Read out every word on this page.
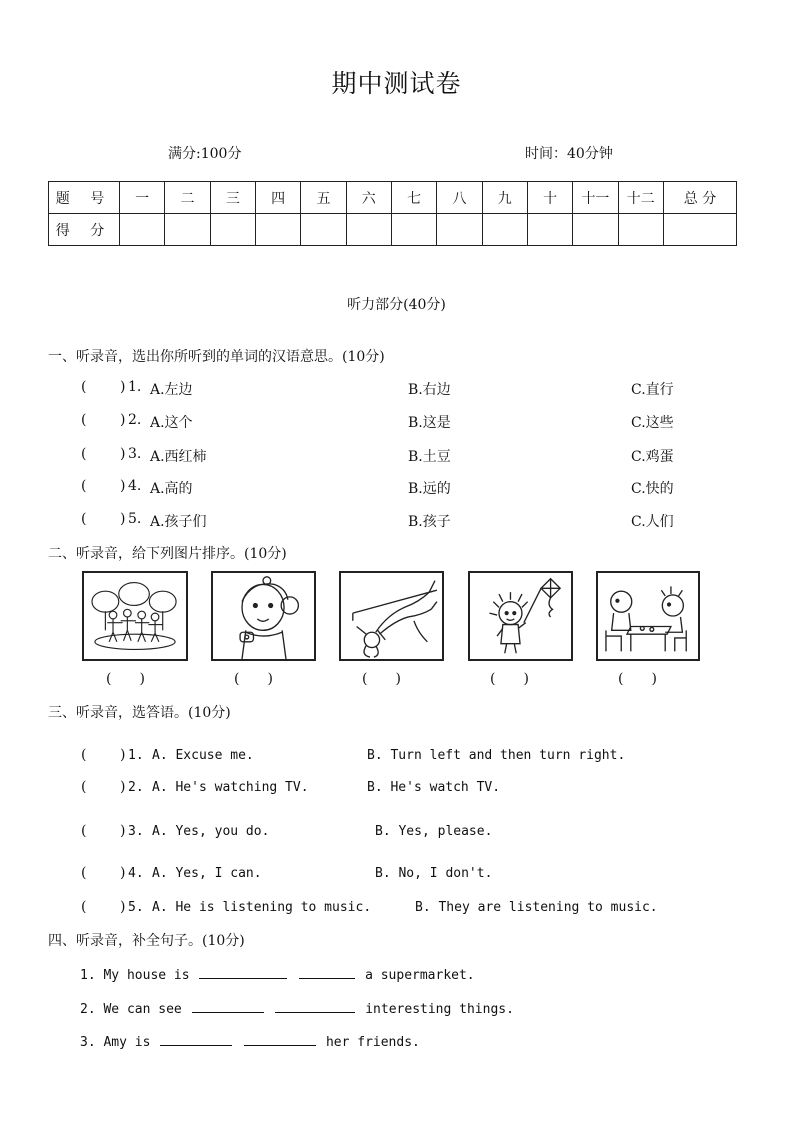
期中测试卷
满分:100分	时间：40分钟
题 号	一	二	三	四	五	六	七	八	九	十	十一	十二	总 分
得 分													
听力部分(40分)
一、听录音，选出你所听到的单词的汉语意思。(10分)
( ) 1. A.左边	B.右边	C.直行
( ) 2. A.这个	B.这是	C.这些
( ) 3. A.西红柿	B.土豆	C.鸡蛋
( ) 4. A.高的	B.远的	C.快的
( ) 5. A.孩子们	B.孩子	C.人们
二、听录音，给下列图片排序。(10分)
(　　)	(　　)	(　　)	(　　)	(　　)
三、听录音，选答语。(10分)
( ) 1. A. Excuse me.	B. Turn left and then turn right.
( ) 2. A. He's watching TV.	B. He's watch TV.
( ) 3. A. Yes, you do.	B. Yes, please.
( ) 4. A. Yes, I can.	B. No, I don't.
( ) 5. A. He is listening to music.	B. They are listening to music.
四、听录音，补全句子。(10分)
1. My house is	a supermarket.
2. We can see	interesting things.
3. Amy is	her friends.
